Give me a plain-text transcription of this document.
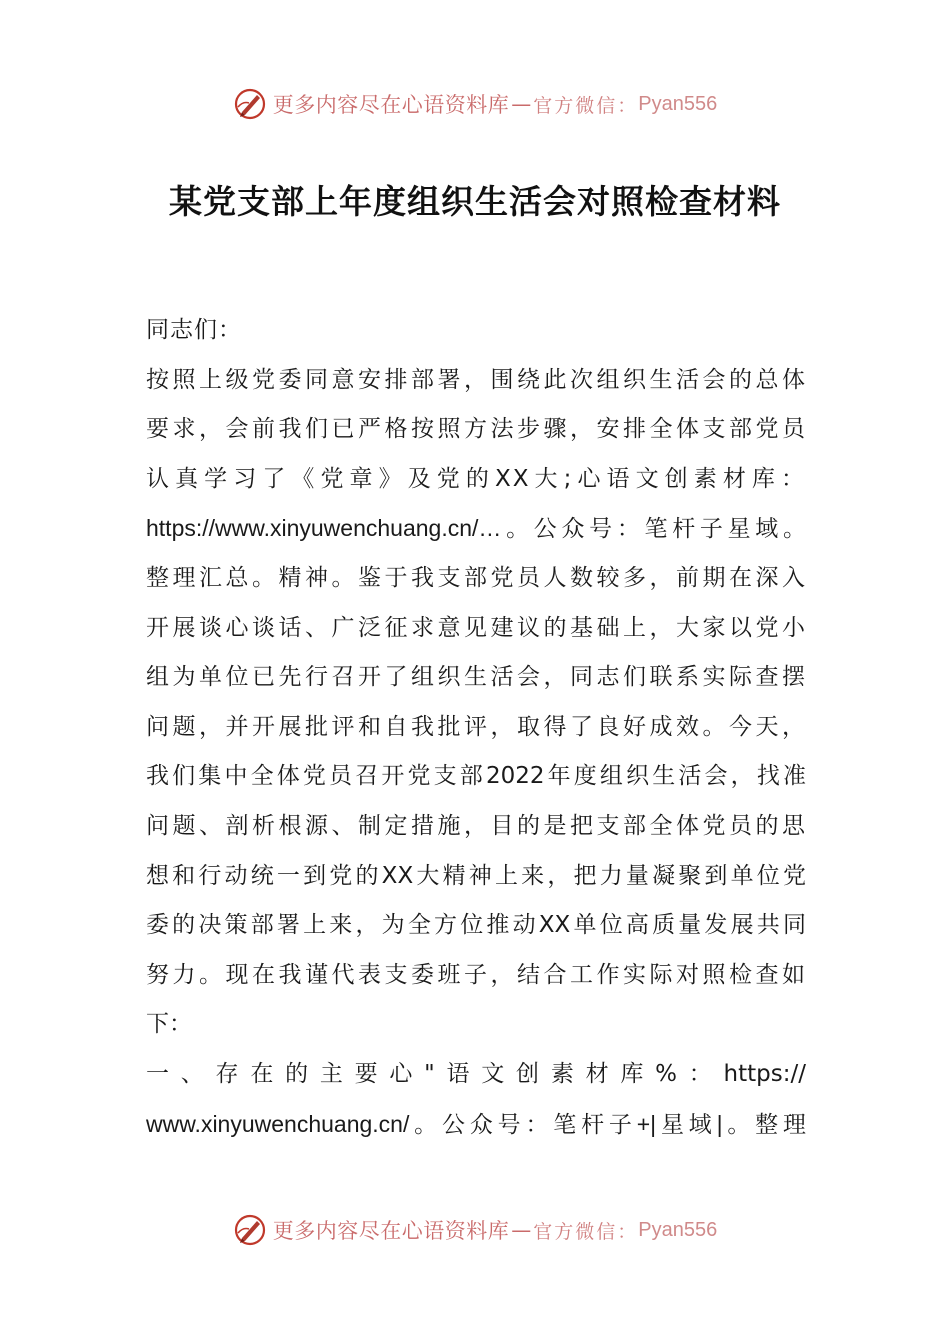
更多内容尽在心语资料库 — 官方微信： Pyan556
某党支部上年度组织生活会对照检查材料
同志们：
按照上级党委同意安排部署，围绕此次组织生活会的总体
要求，会前我们已严格按照方法步骤，安排全体支部党员
认真学习了《党章》及党的XX大;心语文创素材库：
https://www.xinyuwenchuang.cn/…。公众号：笔杆子星域。
整理汇总。精神。鉴于我支部党员人数较多，前期在深入
开展谈心谈话、广泛征求意见建议的基础上，大家以党小
组为单位已先行召开了组织生活会，同志们联系实际查摆
问题，并开展批评和自我批评，取得了良好成效。今天，
我们集中全体党员召开党支部2022年度组织生活会，找准
问题、剖析根源、制定措施，目的是把支部全体党员的思
想和行动统一到党的XX大精神上来，把力量凝聚到单位党
委的决策部署上来，为全方位推动XX单位高质量发展共同
努力。现在我谨代表支委班子，结合工作实际对照检查如
下：
一、存在的主要心"语文创素材库%：https://
www.xinyuwenchuang.cn/。公众号：笔杆子+|星域|。整理
更多内容尽在心语资料库 — 官方微信： Pyan556
